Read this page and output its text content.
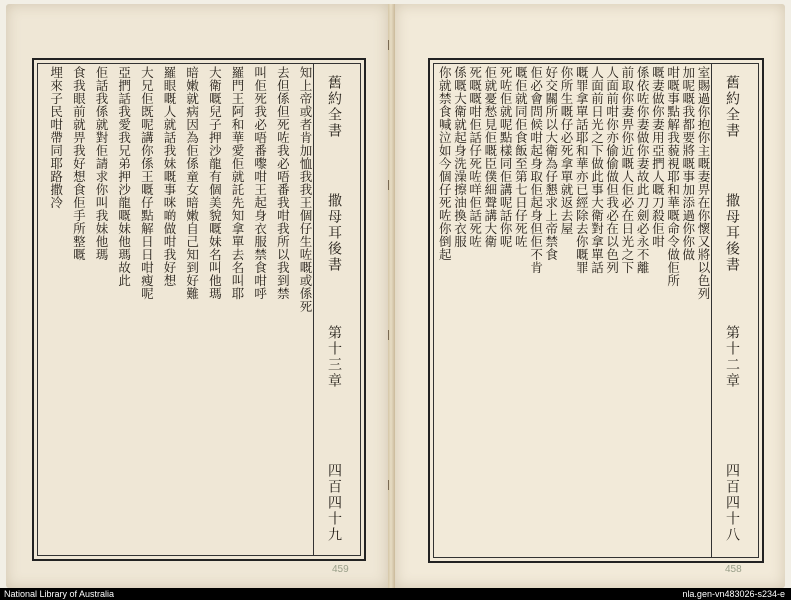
知上帝或者肯加恤我我王個仔生咗嘅或係死
去但係但死咗我必唔番我咁我所以我到禁
叫佢死我必唔番嚟咁王起身衣服禁食咁呼
羅門王阿和華愛佢就託先知拿單去名叫耶
大衛嘅兒子押沙龍有個美貌嘅妹名叫他瑪
暗嫩就病因為佢係童女暗嫩自己知到好難
羅眼嘅人就話我妹嘅事咪啲做咁我好想
大兄佢既呢講你係王嘅仔點解日日咁瘦呢
亞捫話我愛我兄弟押沙龍嘅妹他瑪故此
佢話我係就對佢請求你叫我妹他瑪
食我眼前就畀我好想食佢手所整嘅
埋來子民咁帶同耶路撒冷	舊約全書
撒母耳後書
第十三章
四百四十九
459
室賜過你抱你主嘅妻畀在你懷又將以色列
加呢嘅我都要將嘅事加添過你你做
咁嘅事點解我藐視耶和華嘅命令做佢所
嘅妻做你妻用亞捫人嘅刀殺佢咁
係依咗你妻做你妻故此刀劍必永不離
前取你妻畀你近嘅人佢必在日光之下
人面前咁你亦偷偷做但我必在以色列
人面前日光之下做此事大衛對拿單話
嘅罪拿單話耶和華亦已經除去你嘅罪
你所生嘅仔必死拿單就返去屋
好交關所以大衛為仔懇求上帝禁食
佢必會問候咁起身取佢起身但佢不肯
嘅佢就同佢食飯至第七日仔死咗
死咗佢就呢點樣同佢講呢話你呢
佢就憂愁見佢嘅臣僕細聲講大衛
死嘅嘅咁佢話仔死咗咩佢話死咗
係嘅大衛就起身洗澡擦油換衣服
你就禁食喊泣如今個仔死咗你倒起	舊約全書
撒母耳後書
第十二章
四百四十八
458
National Library of Australia	nla.gen-vn483026-s234-e
